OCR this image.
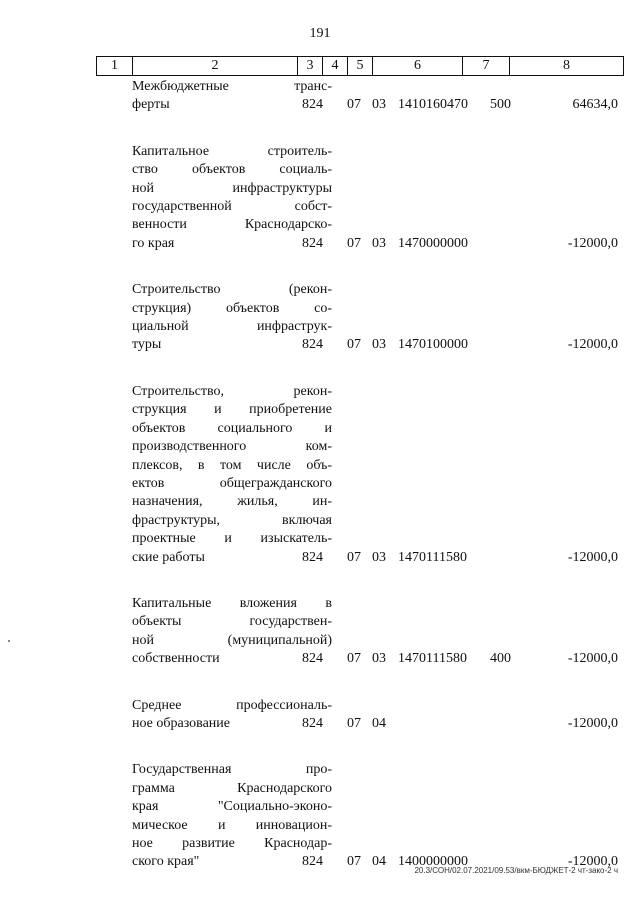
191
1	2	3	4	5	6	7	8
Межбюджетные транс-
ферты	824 07 03 1410160470 500	64634,0
Капитальное строитель-
ство объектов социаль-
ной инфраструктуры
государственной собст-
венности Краснодарско-
го края	824 07 03 1470000000	-12000,0
Строительство (рекон-
струкция) объектов со-
циальной инфраструк-
туры	824 07 03 1470100000	-12000,0
Строительство, рекон-
струкция и приобретение
объектов социального и
производственного ком-
плексов, в том числе объ-
ектов общегражданского
назначения, жилья, ин-
фраструктуры, включая
проектные и изыскатель-
ские работы	824 07 03 1470111580	-12000,0
Капитальные вложения в
объекты государствен-
ной (муниципальной)
собственности	824 07 03 1470111580 400	-12000,0
Среднее профессиональ-
ное образование	824 07 04	-12000,0
Государственная про-
грамма Краснодарского
края "Социально-эконо-
мическое и инновацион-
ное развитие Краснодар-
ского края"	824 07 04 1400000000	-12000,0
20.3/СОН/02.07.2021/09.53/вкм-БЮДЖЕТ-2 чт-зако-2 ч
